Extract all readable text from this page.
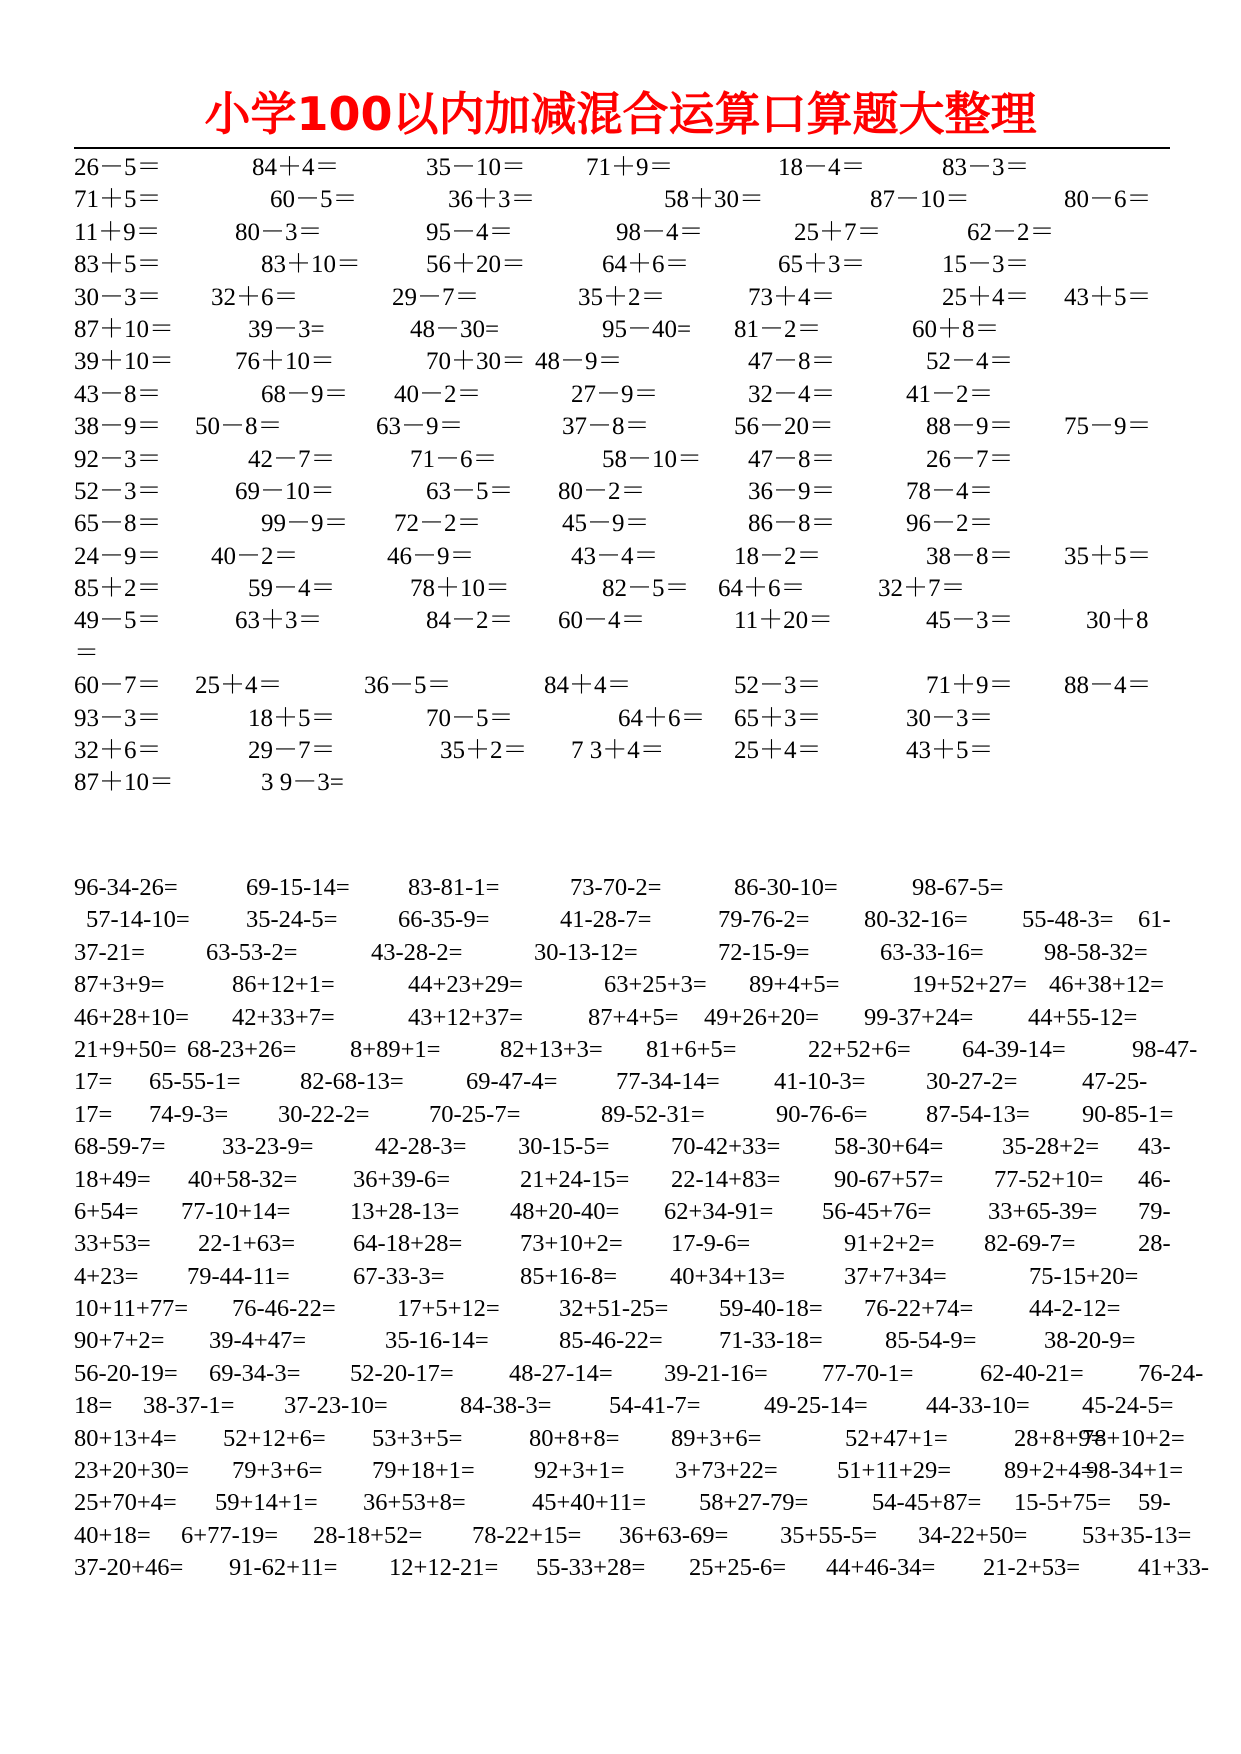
小学100以内加减混合运算口算题大整理
26－5＝	84＋4＝	35－10＝ 71＋9＝	18－4＝	83－3＝
71＋5＝	60－5＝	36＋3＝	58＋30＝	87－10＝	80－6＝
11＋9＝	80－3＝	95－4＝	98－4＝	25＋7＝	62－2＝
83＋5＝	83＋10＝	56＋20＝	64＋6＝	65＋3＝	15－3＝
30－3＝ 32＋6＝	29－7＝	35＋2＝	73＋4＝	25＋4＝ 43＋5＝
87＋10＝	39－3=	48－30=	95－40= 81－2＝	60＋8＝
39＋10＝ 76＋10＝	70＋30＝ 48－9＝	47－8＝	52－4＝
43－8＝	68－9＝ 40－2＝	27－9＝	32－4＝	41－2＝
38－9＝ 50－8＝	63－9＝	37－8＝	56－20＝	88－9＝ 75－9＝
92－3＝	42－7＝	71－6＝	58－10＝ 47－8＝	26－7＝
52－3＝	69－10＝	63－5＝ 80－2＝	36－9＝	78－4＝
65－8＝	99－9＝ 72－2＝	45－9＝	86－8＝	96－2＝
24－9＝ 40－2＝	46－9＝	43－4＝	18－2＝	38－8＝ 35＋5＝
85＋2＝	59－4＝	78＋10＝	82－5＝ 64＋6＝	32＋7＝
49－5＝	63＋3＝	84－2＝ 60－4＝	11＋20＝	45－3＝	30＋8
＝
60－7＝ 25＋4＝	36－5＝	84＋4＝	52－3＝	71＋9＝ 88－4＝
93－3＝	18＋5＝	70－5＝	64＋6＝ 65＋3＝	30－3＝
32＋6＝	29－7＝	35＋2＝ 7 3＋4＝	25＋4＝	43＋5＝
87＋10＝	3 9－3=
96-34-26=	69-15-14= 83-81-1=	73-70-2=	86-30-10=	98-67-5=
57-14-10= 35-24-5= 66-35-9=	41-28-7=	79-76-2= 80-32-16= 55-48-3= 61-
37-21= 63-53-2=	43-28-2=	30-13-12=	72-15-9=	63-33-16= 98-58-32=
87+3+9=	86+12+1=	44+23+29=	63+25+3= 89+4+5=	19+52+27= 46+38+12=
46+28+10= 42+33+7=	43+12+37=	87+4+5= 49+26+20= 99-37+24= 44+55-12=
21+9+50= 68-23+26= 8+89+1= 82+13+3= 81+6+5=	22+52+6= 64-39-14=	98-47-
17= 65-55-1= 82-68-13=	69-47-4= 77-34-14= 41-10-3= 30-27-2=	47-25-
17= 74-9-3= 30-22-2= 70-25-7=	89-52-31=	90-76-6= 87-54-13= 90-85-1=
68-59-7= 33-23-9=	42-28-3= 30-15-5=	70-42+33= 58-30+64= 35-28+2= 43-
18+49= 40+58-32= 36+39-6=	21+24-15= 22-14+83= 90-67+57= 77-52+10= 46-
6+54= 77-10+14= 13+28-13= 48+20-40= 62+34-91= 56-45+76= 33+65-39= 79-
33+53= 22-1+63= 64-18+28= 73+10+2= 17-9-6=	91+2+2= 82-69-7=	28-
4+23= 79-44-11=	67-33-3=	85+16-8= 40+34+13= 37+7+34=	75-15+20=
10+11+77= 76-46-22=	17+5+12= 32+51-25= 59-40-18= 76-22+74= 44-2-12=
90+7+2= 39-4+47=	35-16-14=	85-46-22= 71-33-18=	85-54-9=	38-20-9=
56-20-19= 69-34-3= 52-20-17= 48-27-14= 39-21-16= 77-70-1=	62-40-21= 76-24-
18= 38-37-1= 37-23-10=	84-38-3= 54-41-7=	49-25-14= 44-33-10= 45-24-5=
80+13+4= 52+12+6= 53+3+5=	80+8+8= 89+3+6=	52+47+1=	28+8+9=
78+10+2=
23+20+30= 79+3+6= 79+18+1= 92+3+1= 3+73+22= 51+11+29= 89+2+4=
98-34+1=
25+70+4= 59+14+1= 36+53+8=	45+40+11= 58+27-79=	54-45+87= 15-5+75= 59-
40+18= 6+77-19= 28-18+52= 78-22+15= 36+63-69= 35+55-5= 34-22+50= 53+35-13=
37-20+46= 91-62+11= 12+12-21= 55-33+28= 25+25-6= 44+46-34= 21-2+53= 41+33-
